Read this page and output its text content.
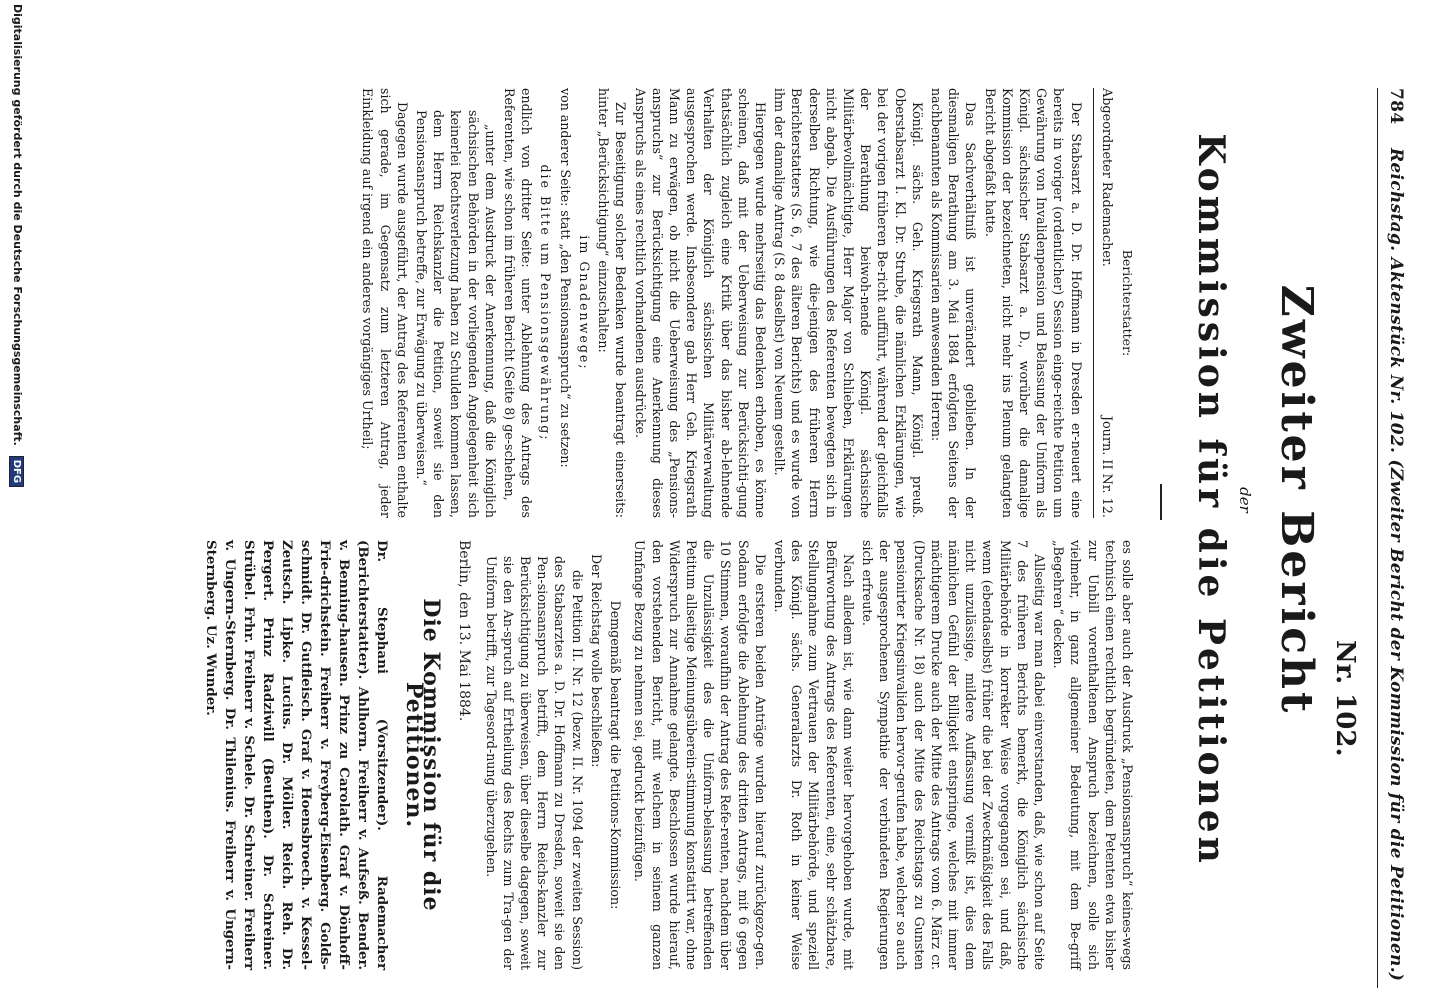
784
Reichstag. Aktenstück Nr. 102. (Zweiter Bericht der Kommission für die Petitionen.)
Nr. 102.
Zweiter Bericht
der
Kommission für die Petitionen

Berichterstatter:

Abgeordneter Rademacher.
Journ. II Nr. 12.

Der Stabsarzt a. D. Dr. Hoffmann in Dresden er-neuert eine bereits in voriger (ordentlicher) Session einge-reichte Petition um Gewährung von Invalidenpension und Belassung der Uniform als Königl. sächsischer Stabsarzt a. D., worüber die damalige Kommission der bezeichneten, nicht mehr ins Plenum gelangten Bericht abgefaßt hatte.

Das Sachverhältniß ist unverändert geblieben. In der diesmaligen Berathung am 3. Mai 1884 erfolgten Seitens der nachbenannten als Kommissarien anwesenden Herren:

Königl. sächs. Geh. Kriegsrath Mann, Königl. preuß. Oberstabsarzt I. Kl. Dr. Strube, die nämlichen Erklärungen, wie bei der vorigen früheren Be-richt aufführt, während der gleichfalls der Berathung beiwoh-nende Königl. sächsische Militärbevollmächtigte, Herr Major von Schlieben, Erklärungen nicht abgab. Die Ausführungen des Referenten bewegten sich in derselben Richtung, wie die-jenigen des früheren Herrn Berichterstatters (S. 6, 7 des älteren Berichts) und es wurde von ihm der damalige Antrag (S. 8 daselbst) von Neuem gestellt.

Hiergegen wurde mehrseitig das Bedenken erhoben, es könne scheinen, daß mit der Ueberweisung zur Berücksichti-gung thatsächlich zugleich eine Kritik über das bisher ab-lehnende Verhalten der Königlich sächsischen Militärverwaltung ausgesprochen werde. Insbesondere gab Herr Geh. Kriegsrath Mann zu erwägen, ob nicht die Ueberweisung des „Pensions-anspruchs“ zur Berücksichtigung eine Anerkennung dieses Anspruchs als eines rechtlich vorhandenen ausdrücke.

Zur Beseitigung solcher Bedenken wurde beantragt einerseits: hinter „Berücksichtigung“ einzuschalten:

im Gnadenwege;

von anderer Seite: statt „den Pensionsanspruch“ zu setzen:

die Bitte um Pensionsgewährung;

endlich von dritter Seite: unter Ablehnung des Antrags des Referenten, wie schon im früheren Bericht (Seite 8) ge-schehen,

„unter dem Ausdruck der Anerkennung, daß die Königlich sächsischen Behörden in der vorliegenden Angelegenheit sich keinerlei Rechtsverletzung haben zu Schulden kommen lassen, dem Herrn Reichskanzler die Petition, soweit sie den Pensionsanspruch betreffe, zur Erwägung zu überweisen.“

Dagegen wurde ausgeführt, der Antrag des Referenten enthalte sich gerade, im Gegensatz zum letzteren Antrag, jeder Einkleidung auf irgend ein anderes vorgängiges Urtheil;

es solle aber auch der Ausdruck „Pensionsanspruch“ keines-wegs technisch einen rechtlich begründeten, dem Petenten etwa bisher zur Unbill vorenthaltenen Anspruch bezeichnen, solle sich vielmehr, in ganz allgemeiner Bedeutung, mit dem Be-griff „Begehren“ decken.

Allseitig war man dabei einverstanden, daß, wie schon auf Seite 7 des früheren Berichts bemerkt, die Königlich sächsische Militärbehörde in korrekter Weise vorgegangen sei, und daß, wenn (ebendaselbst) früher die bei der Zweckmäßigkeit des Falls nicht unzulässige, mildere Auffassung vermißt ist, dies dem nämlichen Gefühl der Billigkeit entspringe, welches mit immer mächtigerem Drucke auch der Mitte des Antrags vom 6. März cr. (Drucksache Nr. 18) auch der Mitte des Reichstags zu Gunsten pensionirter Kriegsinvaliden hervor-gerufen habe, welcher so auch der ausgesprochenen Sympathie der verbündeten Regierungen sich erfreute.

Nach alledem ist, wie dann weiter hervorgehoben wurde, mit Befürwortung des Antrags des Referenten, eine, sehr schätzbare, Stellungnahme zum Vertrauen der Militärbehörde, und speziell des Königl. sächs. Generalarzts Dr. Roth in keiner Weise verbunden.

Die ersteren beiden Anträge wurden hierauf zurückgezo-gen. Sodann erfolgte die Ablehnung des dritten Antrags, mit 6 gegen 10 Stimmen, woraufhin der Antrag des Refe-renten, nachdem über die Unzulässigkeit des die Uniform-belassung betreffenden Petitum allseitige Meinungsüberein-stimmung konstatirt war, ohne Widerspruch zur Annahme gelangte. Beschlossen wurde hierauf, den vorstehenden Bericht, mit welchem in seinem ganzen Umfange Bezug zu nehmen sei, gedruckt beizufügen.

Demgemäß beantragt die Petitions-Kommission:

Der Reichstag wolle beschließen:

die Petition II. Nr. 12 (bezw. II. Nr. 1094 der zweiten Session) des Stabsarztes a. D. Dr. Hoffmann zu Dresden, soweit sie den Pen-sionsanspruch betrifft, dem Herrn Reichs-kanzler zur Berücksichtigung zu überweisen, über dieselbe dagegen, soweit sie den An-spruch auf Ertheilung des Rechts zum Tra-gen der Uniform betrifft, zur Tagesord-nung überzugehen.

Berlin, den 13. Mai 1884.

Die Kommission für die Petitionen.

Dr. Stephani (Vorsitzender). Rademacher (Berichterstatter). Ahlhorn. Freiherr v. Aufseß. Bender. v. Benning-hausen. Prinz zu Carolath. Graf v. Dönhoff-Frie-drichstein. Freiherr v. Freyberg-Eisenberg. Golds-schmidt. Dr. Gutfleisch. Graf v. Hoensbroech. v. Kessel-Zeutsch. Lipke. Lucius. Dr. Möller. Reich. Reh. Dr. Pergert. Prinz Radziwill (Beuthen). Dr. Schreiner. Strübel. Frhr. Freiherr v. Schele. Dr. Schreiner. Freiherr v. Ungern-Sternberg. Dr. Thilenius. Freiherr v. Ungern-Sternberg. Uz. Wunder.

Digitalisierung gefördert durch die Deutsche Forschungsgemeinschaft. DFG
